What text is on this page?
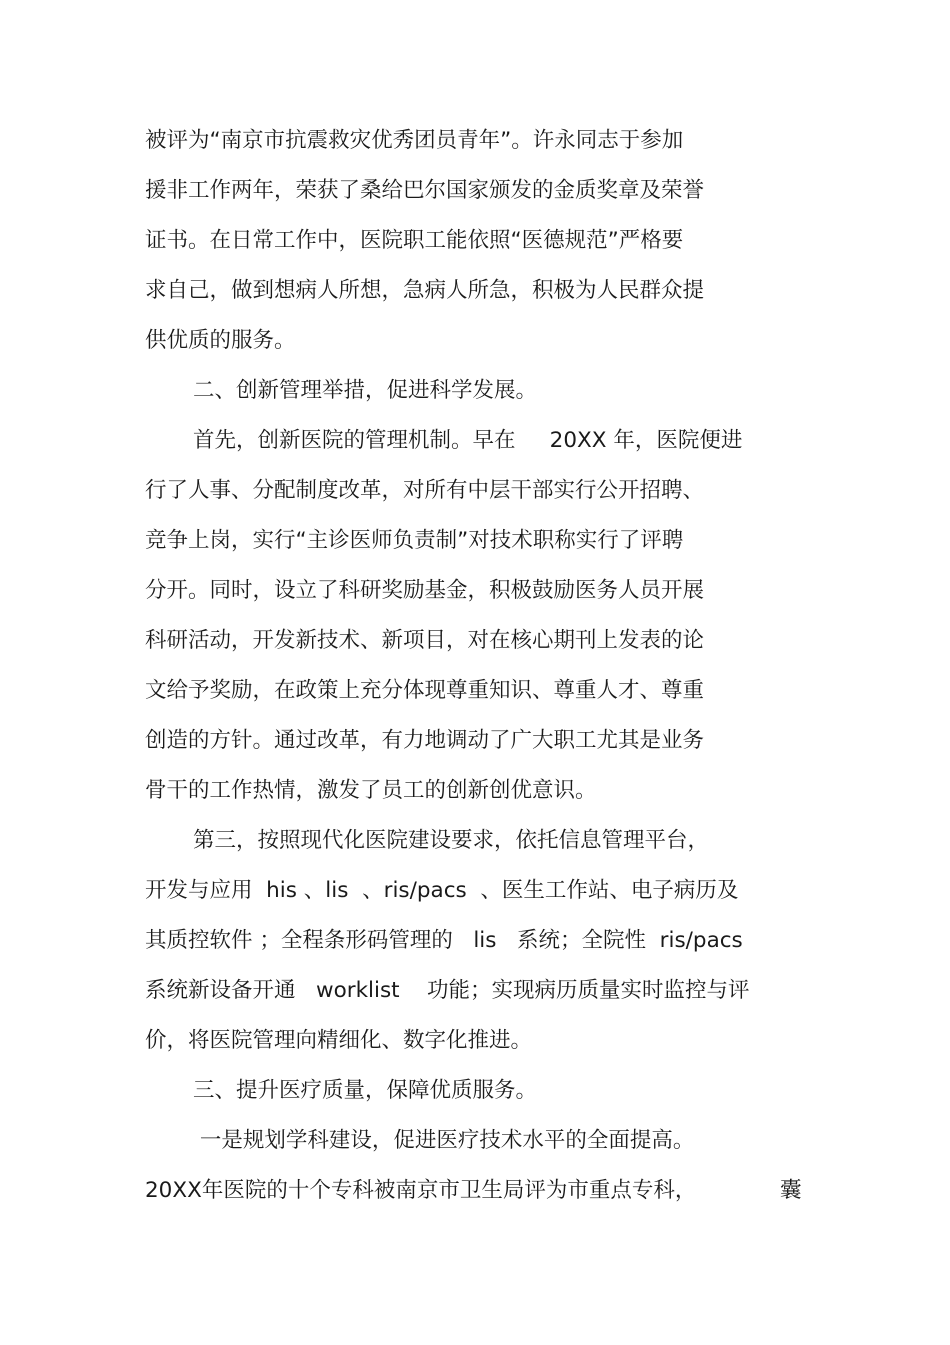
被评为“南京市抗震救灾优秀团员青年”。许永同志于参加

援非工作两年，荣获了桑给巴尔国家颁发的金质奖章及荣誉

证书。在日常工作中，医院职工能依照“医德规范”严格要

求自己，做到想病人所想，急病人所急，积极为人民群众提

供优质的服务。

二、创新管理举措，促进科学发展。

首先，创新医院的管理机制。早在     20XX 年，医院便进

行了人事、分配制度改革，对所有中层干部实行公开招聘、

竞争上岗，实行“主诊医师负责制”对技术职称实行了评聘

分开。同时，设立了科研奖励基金，积极鼓励医务人员开展

科研活动，开发新技术、新项目，对在核心期刊上发表的论

文给予奖励，在政策上充分体现尊重知识、尊重人才、尊重

创造的方针。通过改革，有力地调动了广大职工尤其是业务

骨干的工作热情，激发了员工的创新创优意识。

第三，按照现代化医院建设要求，依托信息管理平台，

开发与应用  his 、lis  、ris/pacs  、医生工作站、电子病历及

其质控软件 ；全程条形码管理的   lis   系统；全院性  ris/pacs

系统新设备开通   worklist    功能；实现病历质量实时监控与评

价，将医院管理向精细化、数字化推进。

三、提升医疗质量，保障优质服务。

一是规划学科建设，促进医疗技术水平的全面提高。

20XX年医院的十个专科被南京市卫生局评为市重点专科，	囊
